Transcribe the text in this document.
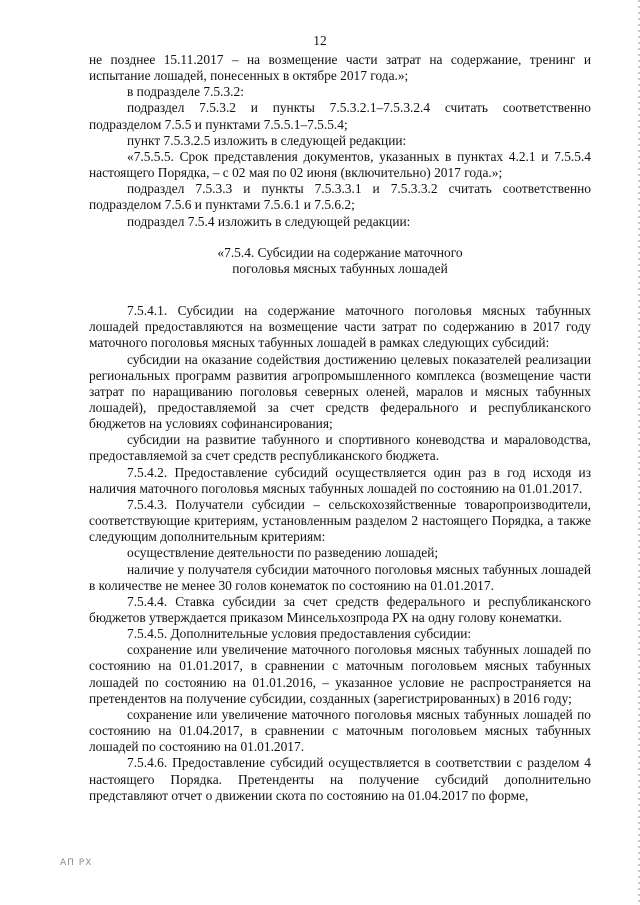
12

не позднее 15.11.2017 – на возмещение части затрат на содержание, тренинг и испытание лошадей, понесенных в октябре 2017 года.»;

в подразделе 7.5.3.2:

подраздел 7.5.3.2 и пункты 7.5.3.2.1–7.5.3.2.4 считать соответственно подразделом 7.5.5 и пунктами 7.5.5.1–7.5.5.4;

пункт 7.5.3.2.5 изложить в следующей редакции:

«7.5.5.5. Срок представления документов, указанных в пунктах 4.2.1 и 7.5.5.4 настоящего Порядка, – с 02 мая по 02 июня (включительно) 2017 года.»;

подраздел 7.5.3.3 и пункты 7.5.3.3.1 и 7.5.3.3.2 считать соответственно подразделом 7.5.6 и пунктами 7.5.6.1 и 7.5.6.2;

подраздел 7.5.4 изложить в следующей редакции:

«7.5.4. Субсидии на содержание маточного

поголовья мясных табунных лошадей

7.5.4.1. Субсидии на содержание маточного поголовья мясных табунных лошадей предоставляются на возмещение части затрат по содержанию в 2017 году маточного поголовья мясных табунных лошадей в рамках следующих субсидий:

субсидии на оказание содействия достижению целевых показателей реализации региональных программ развития агропромышленного комплекса (возмещение части затрат по наращиванию поголовья северных оленей, маралов и мясных табунных лошадей), предоставляемой за счет средств федерального и республиканского бюджетов на условиях софинансирования;

субсидии на развитие табунного и спортивного коневодства и мараловодства, предоставляемой за счет средств республиканского бюджета.

7.5.4.2. Предоставление субсидий осуществляется один раз в год исходя из наличия маточного поголовья мясных табунных лошадей по состоянию на 01.01.2017.

7.5.4.3. Получатели субсидии – сельскохозяйственные товаропроизводители, соответствующие критериям, установленным разделом 2 настоящего Порядка, а также следующим дополнительным критериям:

осуществление деятельности по разведению лошадей;

наличие у получателя субсидии маточного поголовья мясных табунных лошадей в количестве не менее 30 голов конематок по состоянию на 01.01.2017.

7.5.4.4. Ставка субсидии за счет средств федерального и республиканского бюджетов утверждается приказом Минсельхозпрода РХ на одну голову конематки.

7.5.4.5. Дополнительные условия предоставления субсидии:

сохранение или увеличение маточного поголовья мясных табунных лошадей по состоянию на 01.01.2017, в сравнении с маточным поголовьем мясных табунных лошадей по состоянию на 01.01.2016, – указанное условие не распространяется на претендентов на получение субсидии, созданных (зарегистрированных) в 2016 году;

сохранение или увеличение маточного поголовья мясных табунных лошадей по состоянию на 01.04.2017, в сравнении с маточным поголовьем мясных табунных лошадей по состоянию на 01.01.2017.

7.5.4.6. Предоставление субсидий осуществляется в соответствии с разделом 4 настоящего Порядка. Претенденты на получение субсидий дополнительно представляют отчет о движении скота по состоянию на 01.04.2017 по форме,

АП РХ
